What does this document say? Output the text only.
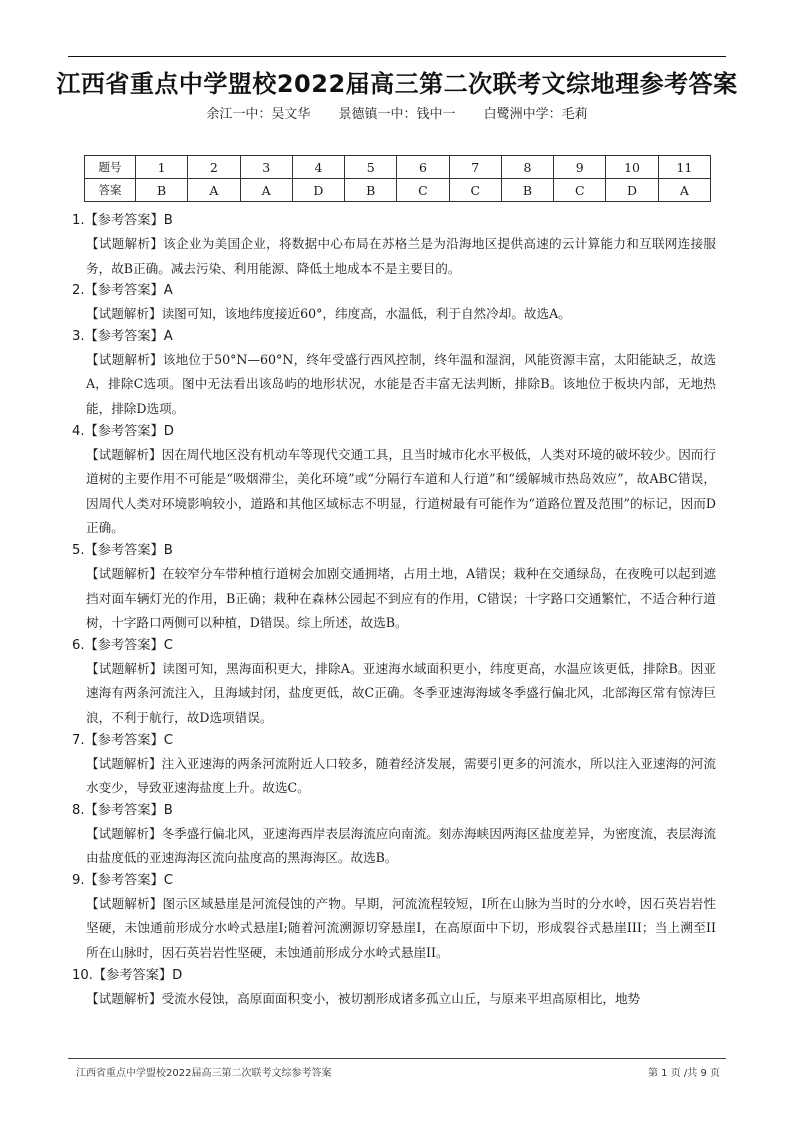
江西省重点中学盟校2022届高三第二次联考文综地理参考答案
余江一中：吴文华 景德镇一中：钱中一 白鹭洲中学：毛莉
题号	1	2	3	4	5	6	7	8	9	10	11
答案	B	A	A	D	B	C	C	B	C	D	A
1.【参考答案】B
【试题解析】该企业为美国企业，将数据中心布局在苏格兰是为沿海地区提供高速的云计算能力和互联网连接服务，故B正确。减去污染、利用能源、降低土地成本不是主要目的。
2.【参考答案】A
【试题解析】读图可知，该地纬度接近60°，纬度高，水温低，利于自然冷却。故选A。
3.【参考答案】A
【试题解析】该地位于50°N—60°N，终年受盛行西风控制，终年温和湿润，风能资源丰富，太阳能缺乏，故选A，排除C选项。图中无法看出该岛屿的地形状况，水能是否丰富无法判断，排除B。该地位于板块内部，无地热能，排除D选项。
4.【参考答案】D
【试题解析】因在周代地区没有机动车等现代交通工具，且当时城市化水平极低，人类对环境的破坏较少。因而行道树的主要作用不可能是“吸烟滞尘，美化环境”或“分隔行车道和人行道”和“缓解城市热岛效应”，故ABC错误，因周代人类对环境影响较小，道路和其他区域标志不明显，行道树最有可能作为“道路位置及范围”的标记，因而D正确。
5.【参考答案】B
【试题解析】在较窄分车带种植行道树会加剧交通拥堵，占用土地，A错误；栽种在交通绿岛，在夜晚可以起到遮挡对面车辆灯光的作用，B正确；栽种在森林公园起不到应有的作用，C错误；十字路口交通繁忙，不适合种行道树，十字路口两侧可以种植，D错误。综上所述，故选B。
6.【参考答案】C
【试题解析】读图可知，黑海面积更大，排除A。亚速海水域面积更小，纬度更高，水温应该更低，排除B。因亚速海有两条河流注入，且海域封闭，盐度更低，故C正确。冬季亚速海海域冬季盛行偏北风，北部海区常有惊涛巨浪，不利于航行，故D选项错误。
7.【参考答案】C
【试题解析】注入亚速海的两条河流附近人口较多，随着经济发展，需要引更多的河流水，所以注入亚速海的河流水变少，导致亚速海盐度上升。故选C。
8.【参考答案】B
【试题解析】冬季盛行偏北风，亚速海西岸表层海流应向南流。刻赤海峡因两海区盐度差异，为密度流，表层海流由盐度低的亚速海海区流向盐度高的黑海海区。故选B。
9.【参考答案】C
【试题解析】图示区域悬崖是河流侵蚀的产物。早期，河流流程较短，I所在山脉为当时的分水岭，因石英岩岩性坚硬，未蚀通前形成分水岭式悬崖I;随着河流溯源切穿悬崖I，在高原面中下切，形成裂谷式悬崖III；当上溯至II所在山脉时，因石英岩岩性坚硬，未蚀通前形成分水岭式悬崖II。
10.【参考答案】D
【试题解析】受流水侵蚀，高原面面积变小，被切割形成诸多孤立山丘，与原来平坦高原相比，地势
江西省重点中学盟校2022届高三第二次联考文综参考答案	第 1 页 /共 9 页
